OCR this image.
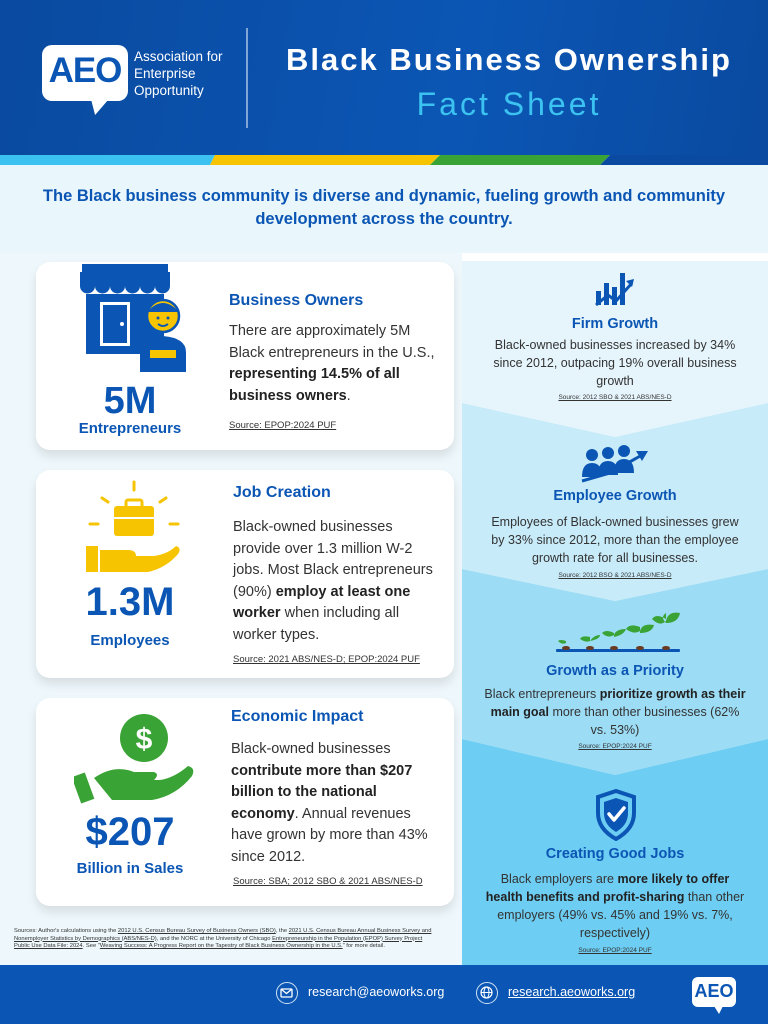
AEO Association for Enterprise Opportunity
Black Business Ownership
Fact Sheet

The Black business community is diverse and dynamic, fueling growth and community development across the country.

5M
Entrepreneurs
Business Owners
There are approximately 5M Black entrepreneurs in the U.S., representing 14.5% of all business owners.
Source: EPOP:2024 PUF
1.3M
Employees
Job Creation
Black-owned businesses provide over 1.3 million W-2 jobs. Most Black entrepreneurs (90%) employ at least one worker when including all worker types.
Source: 2021 ABS/NES-D; EPOP:2024 PUF
$
$207
Billion in Sales
Economic Impact
Black-owned businesses contribute more than $207 billion to the national economy. Annual revenues have grown by more than 43% since 2012.
Source: SBA; 2012 SBO & 2021 ABS/NES-D
Sources: Author's calculations using the 2012 U.S. Census Bureau Survey of Business Owners (SBO), the 2021 U.S. Census Bureau Annual Business Survey and Nonemployer Statistics by Demographics (ABS/NES-D), and the NORC at the University of Chicago Entrepreneurship in the Population (EPOP) Survey Project Public Use Data File: 2024. See "Weaving Success: A Progress Report on the Tapestry of Black Business Ownership in the U.S." for more detail.
Firm Growth
Black-owned businesses increased by 34% since 2012, outpacing 19% overall business growth
Source: 2012 SBO & 2021 ABS/NES-D
Employee Growth
Employees of Black-owned businesses grew by 33% since 2012, more than the employee growth rate for all businesses.
Source: 2012 BSO & 2021 ABS/NES-D
Growth as a Priority
Black entrepreneurs prioritize growth as their main goal more than other businesses (62% vs. 53%)
Source: EPOP:2024 PUF
Creating Good Jobs
Black employers are more likely to offer health benefits and profit-sharing than other employers (49% vs. 45% and 19% vs. 7%, respectively)
Source: EPOP:2024 PUF
research@aeoworks.org	research.aeoworks.org	AEO
